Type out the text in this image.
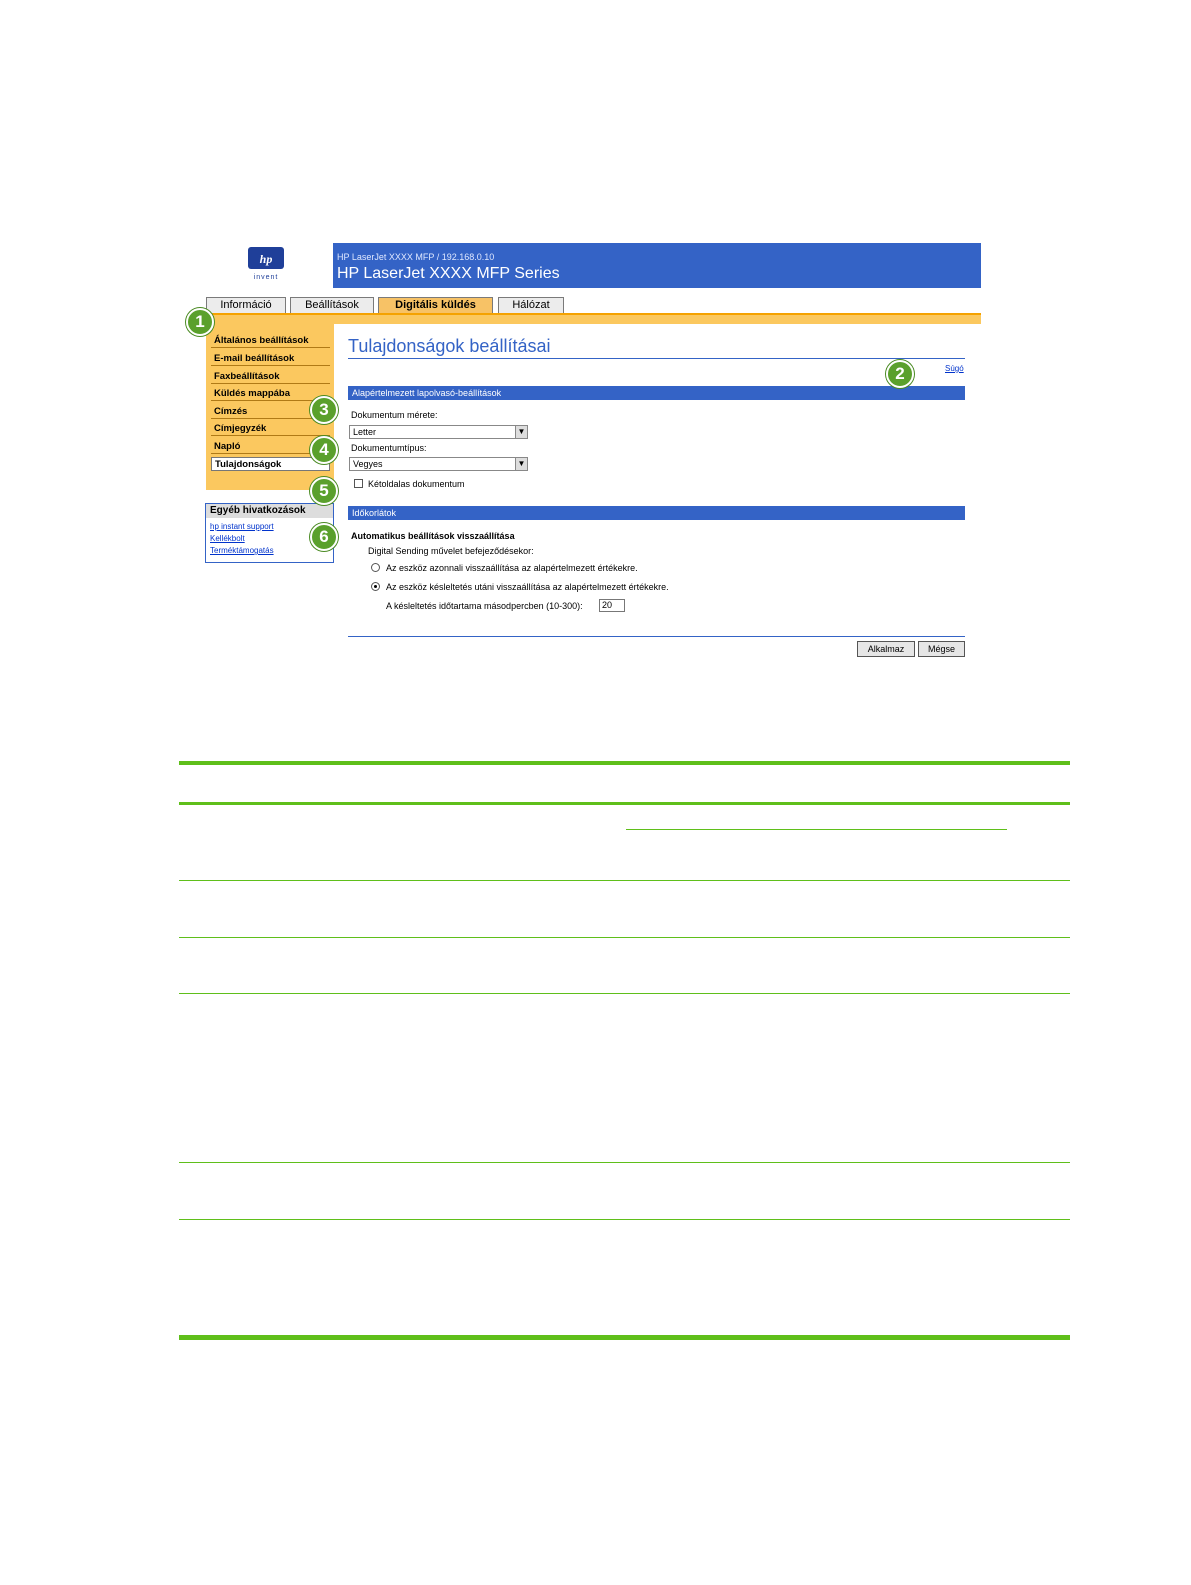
hp
invent
HP LaserJet XXXX MFP / 192.168.0.10
HP LaserJet XXXX MFP Series
Információ	Beállítások	Digitális küldés	Hálózat
Általános beállítások
E-mail beállítások
Faxbeállítások
Küldés mappába
Címzés
Címjegyzék
Napló
Tulajdonságok
Egyéb hivatkozások
hp instant support
Kellékbolt
Terméktámogatás
Tulajdonságok beállításai
Súgó
Alapértelmezett lapolvasó-beállítások
Dokumentum mérete:
Letter	▼
Dokumentumtípus:
Vegyes	▼
Kétoldalas dokumentum
Időkorlátok
Automatikus beállítások visszaállítása
Digital Sending művelet befejeződésekor:
Az eszköz azonnali visszaállítása az alapértelmezett értékekre.
Az eszköz késleltetés utáni visszaállítása az alapértelmezett értékekre.
A késleltetés időtartama másodpercben (10-300):	20
Alkalmaz	Mégse
1
2
3
4
5
6
